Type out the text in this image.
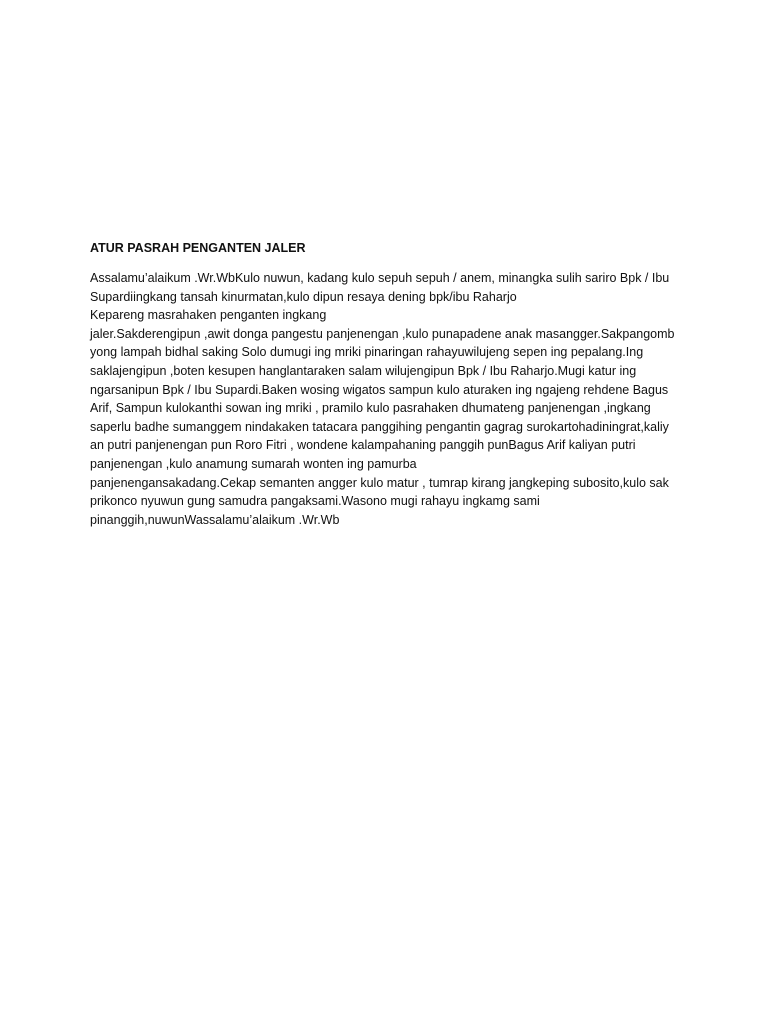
ATUR PASRAH PENGANTEN JALER
Assalamu’alaikum .Wr.WbKulo nuwun, kadang kulo sepuh sepuh / anem, minangka sulih sariro Bpk / Ibu
Supardiingkang tansah kinurmatan,kulo dipun resaya dening bpk/ibu Raharjo
Kepareng masrahaken penganten ingkang
jaler.Sakderengipun ,awit donga pangestu panjenengan ,kulo punapadene anak masangger.Sakpangomb
yong lampah bidhal saking Solo dumugi ing mriki pinaringan rahayuwilujeng sepen ing pepalang.Ing
saklajengipun ,boten kesupen hanglantaraken salam wilujengipun Bpk / Ibu Raharjo.Mugi katur ing
ngarsanipun Bpk / Ibu Supardi.Baken wosing wigatos sampun kulo aturaken ing ngajeng rehdene Bagus
Arif, Sampun kulokanthi sowan ing mriki , pramilo kulo pasrahaken dhumateng panjenengan ,ingkang
saperlu badhe sumanggem nindakaken tatacara panggihing pengantin gagrag surokartohadiningrat,kaliy
an putri panjenengan pun Roro Fitri , wondene kalampahaning panggih punBagus Arif kaliyan putri
panjenengan ,kulo anamung sumarah wonten ing pamurba
panjenengansakadang.Cekap semanten angger kulo matur , tumrap kirang jangkeping subosito,kulo sak
prikonco nyuwun gung samudra pangaksami.Wasono mugi rahayu ingkamg sami
pinanggih,nuwunWassalamu’alaikum .Wr.Wb
